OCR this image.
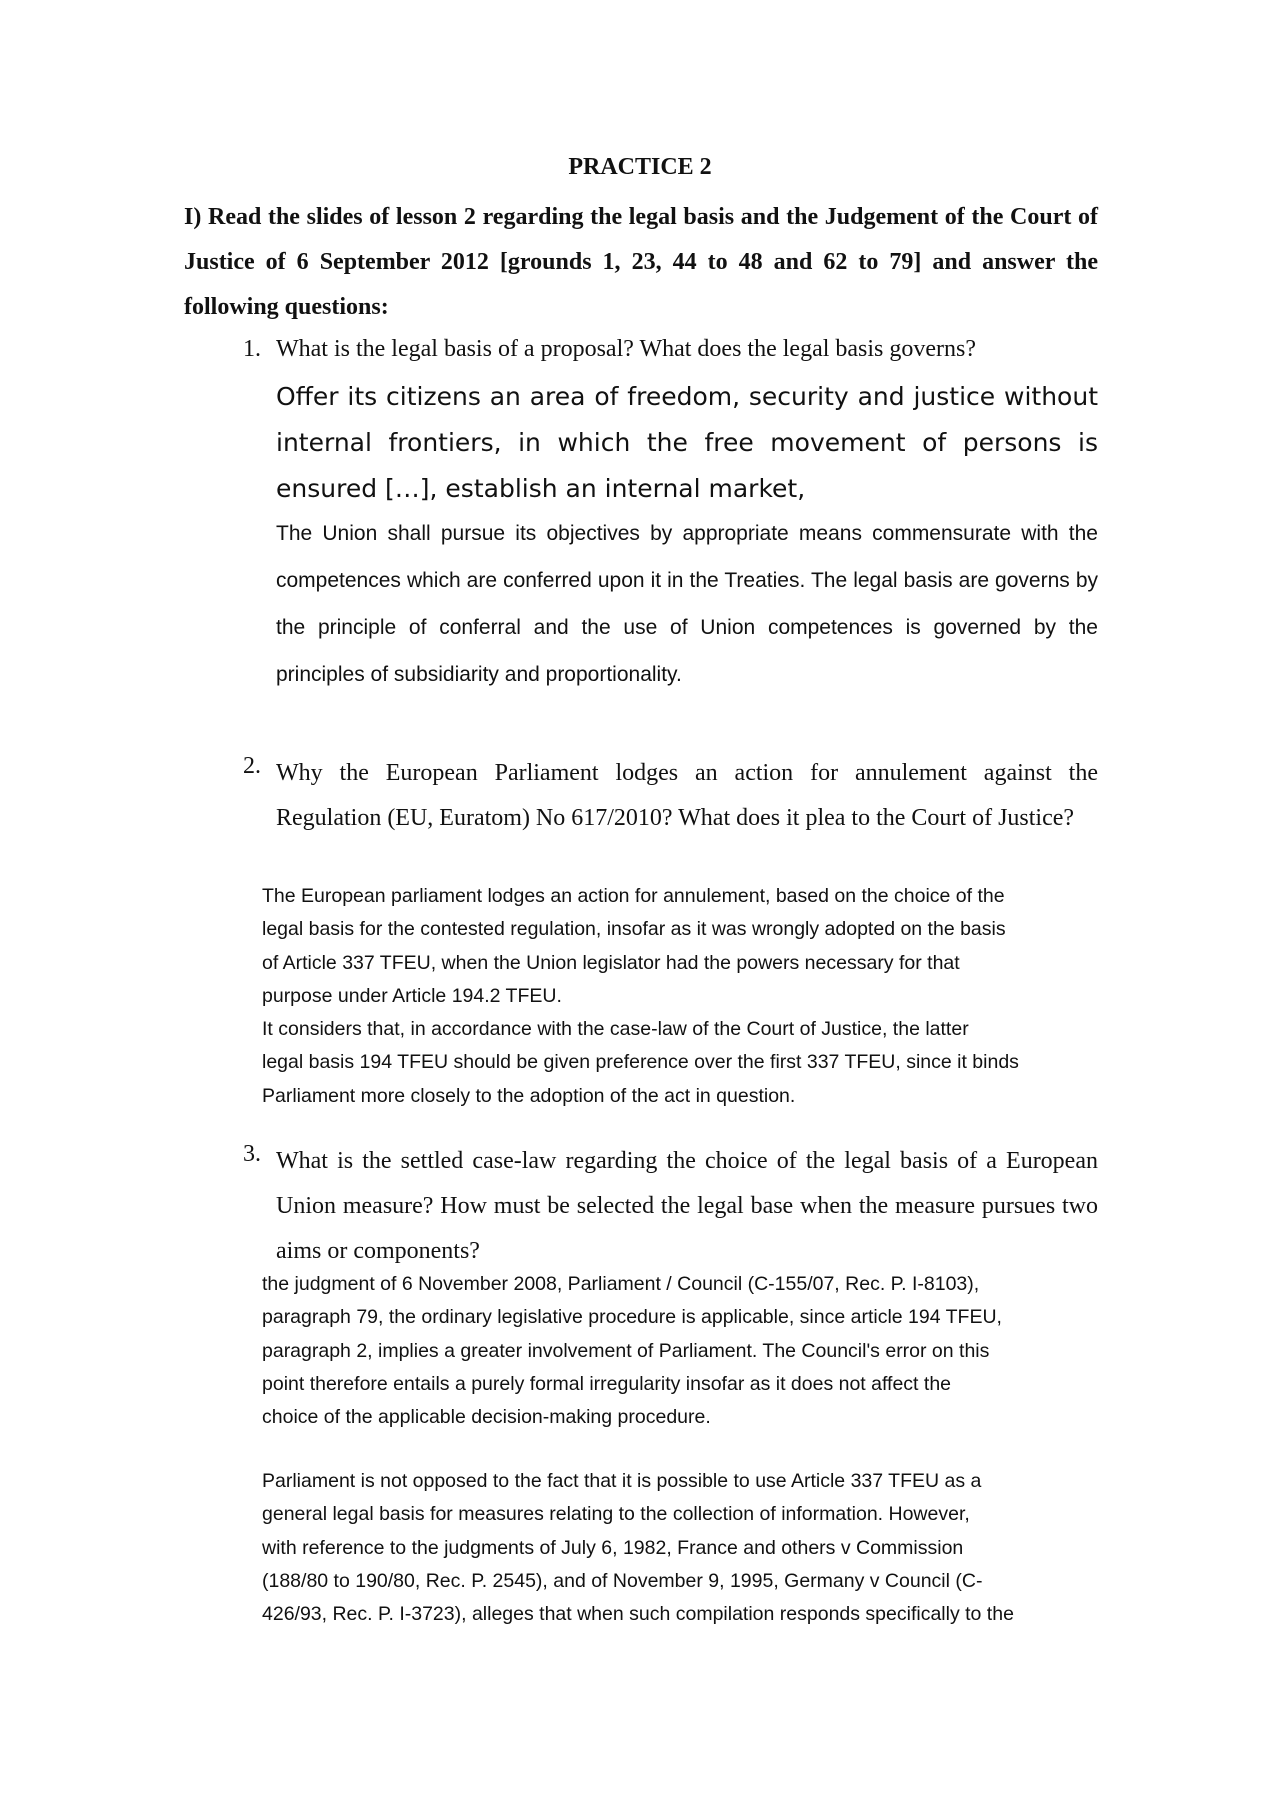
PRACTICE 2

I) Read the slides of lesson 2 regarding the legal basis and the Judgement of the Court of Justice of 6 September 2012 [grounds 1, 23, 44 to 48 and 62 to 79] and answer the following questions:

1. What is the legal basis of a proposal? What does the legal basis governs?

Offer its citizens an area of freedom, security and justice without internal frontiers, in which the free movement of persons is ensured […], establish an internal market,

The Union shall pursue its objectives by appropriate means commensurate with the competences which are conferred upon it in the Treaties. The legal basis are governs by the principle of conferral and the use of Union competences is governed by the principles of subsidiarity and proportionality.

2. Why the European Parliament lodges an action for annulement against the Regulation (EU, Euratom) No 617/2010? What does it plea to the Court of Justice?

The European parliament lodges an action for annulement, based on the choice of the
legal basis for the contested regulation, insofar as it was wrongly adopted on the basis
of Article 337 TFEU, when the Union legislator had the powers necessary for that
purpose under Article 194.2 TFEU.
It considers that, in accordance with the case-law of the Court of Justice, the latter
legal basis 194 TFEU should be given preference over the first 337 TFEU, since it binds
Parliament more closely to the adoption of the act in question.
3. What is the settled case-law regarding the choice of the legal basis of a European Union measure? How must be selected the legal base when the measure pursues two aims or components?

the judgment of 6 November 2008, Parliament / Council (C-155/07, Rec. P. I-8103),
paragraph 79, the ordinary legislative procedure is applicable, since article 194 TFEU,
paragraph 2, implies a greater involvement of Parliament. The Council's error on this
point therefore entails a purely formal irregularity insofar as it does not affect the
choice of the applicable decision-making procedure.
Parliament is not opposed to the fact that it is possible to use Article 337 TFEU as a
general legal basis for measures relating to the collection of information. However,
with reference to the judgments of July 6, 1982, France and others v Commission
(188/80 to 190/80, Rec. P. 2545), and of November 9, 1995, Germany v Council (C-
426/93, Rec. P. I-3723), alleges that when such compilation responds specifically to the
